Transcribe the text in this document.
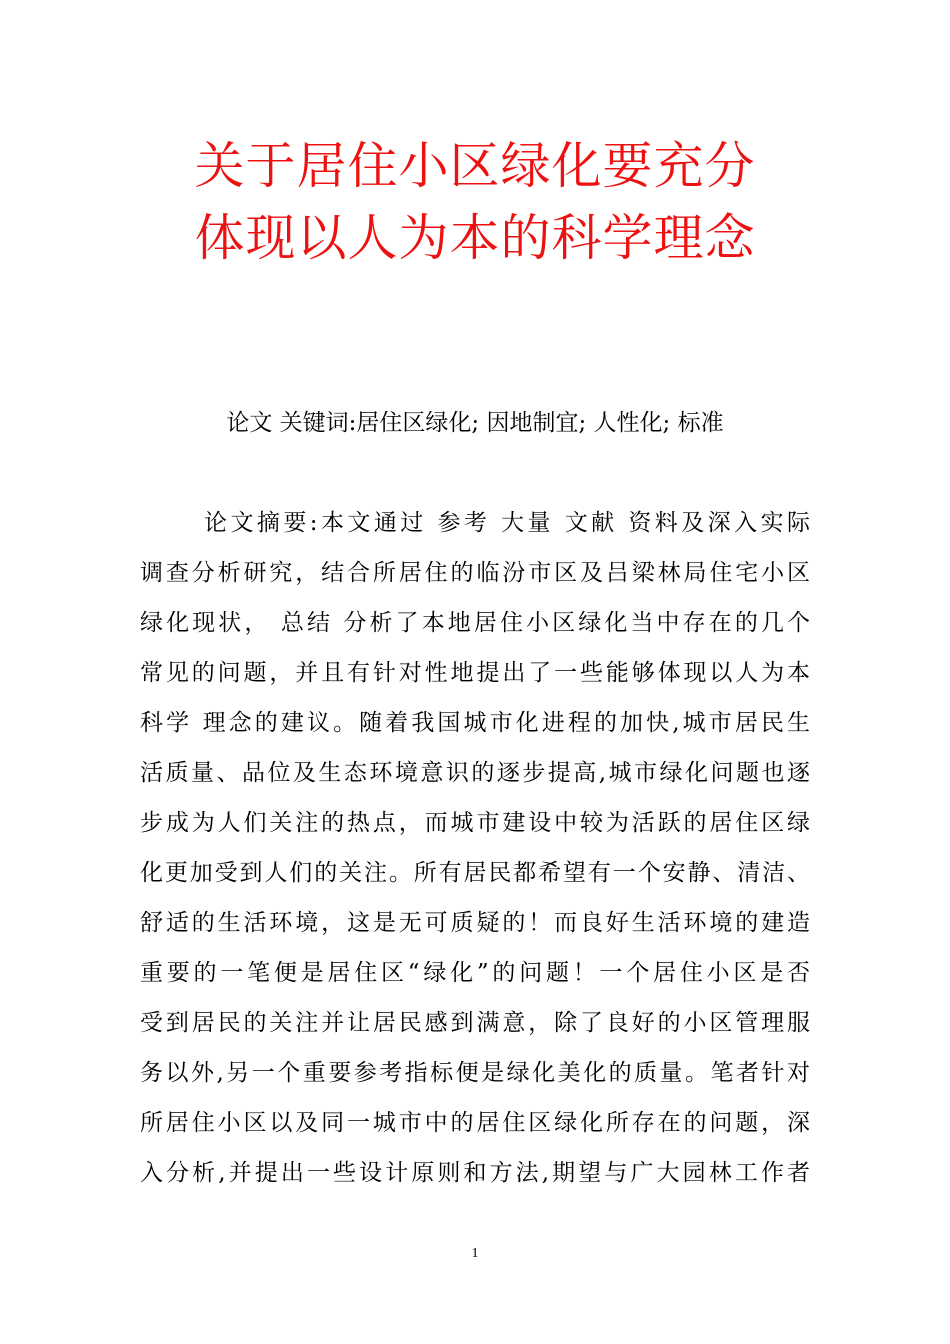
关于居住小区绿化要充分
体现以人为本的科学理念
论文 关键词:居住区绿化; 因地制宜; 人性化; 标准
论文摘要:本文通过 参考 大量 文献 资料及深入实际
调查分析研究，结合所居住的临汾市区及吕梁林局住宅小区
绿化现状， 总结 分析了本地居住小区绿化当中存在的几个
常见的问题，并且有针对性地提出了一些能够体现以人为本
科学 理念的建议。随着我国城市化进程的加快,城市居民生
活质量、品位及生态环境意识的逐步提高,城市绿化问题也逐
步成为人们关注的热点，而城市建设中较为活跃的居住区绿
化更加受到人们的关注。所有居民都希望有一个安静、清洁、
舒适的生活环境，这是无可质疑的！而良好生活环境的建造
重要的一笔便是居住区“绿化”的问题！一个居住小区是否
受到居民的关注并让居民感到满意，除了良好的小区管理服
务以外,另一个重要参考指标便是绿化美化的质量。笔者针对
所居住小区以及同一城市中的居住区绿化所存在的问题，深
入分析,并提出一些设计原则和方法,期望与广大园林工作者
1
